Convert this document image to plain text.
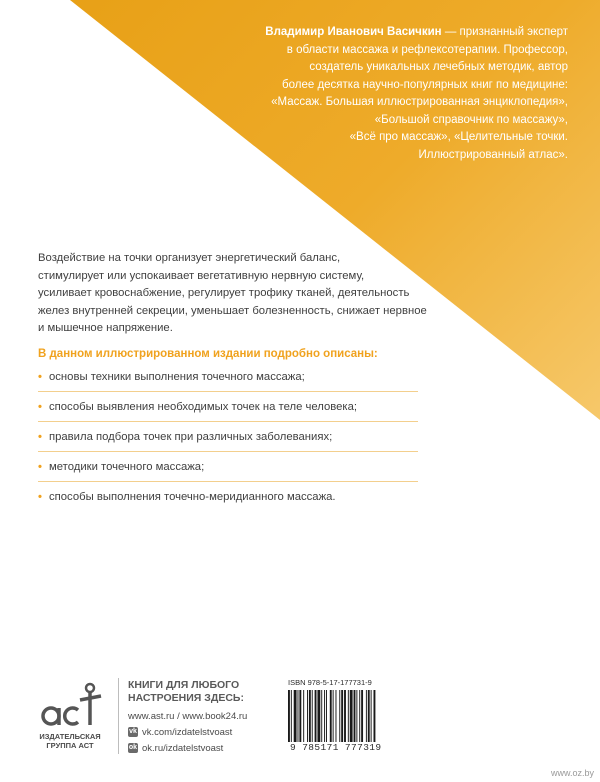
Владимир Иванович Васичкин — признанный эксперт
в области массажа и рефлексотерапии. Профессор,
создатель уникальных лечебных методик, автор
более десятка научно-популярных книг по медицине:
«Массаж. Большая иллюстрированная энциклопедия»,
«Большой справочник по массажу»,
«Всё про массаж», «Целительные точки.
Иллюстрированный атлас».
Воздействие на точки организует энергетический баланс,
стимулирует или успокаивает вегетативную нервную систему,
усиливает кровоснабжение, регулирует трофику тканей, деятельность
желез внутренней секреции, уменьшает болезненность, снижает нервное
и мышечное напряжение.
В данном иллюстрированном издании подробно описаны:
• основы техники выполнения точечного массажа;
• способы выявления необходимых точек на теле человека;
• правила подбора точек при различных заболеваниях;
• методики точечного массажа;
• способы выполнения точечно-меридианного массажа.
ИЗДАТЕЛЬСКАЯ
ГРУППА АСТ
КНИГИ ДЛЯ ЛЮБОГО
НАСТРОЕНИЯ ЗДЕСЬ:
www.ast.ru / www.book24.ru
vk vk.com/izdatelstvoast
ok ok.ru/izdatelstvoast
ISBN 978-5-17-177731-9
9 785171 777319
www.oz.by
